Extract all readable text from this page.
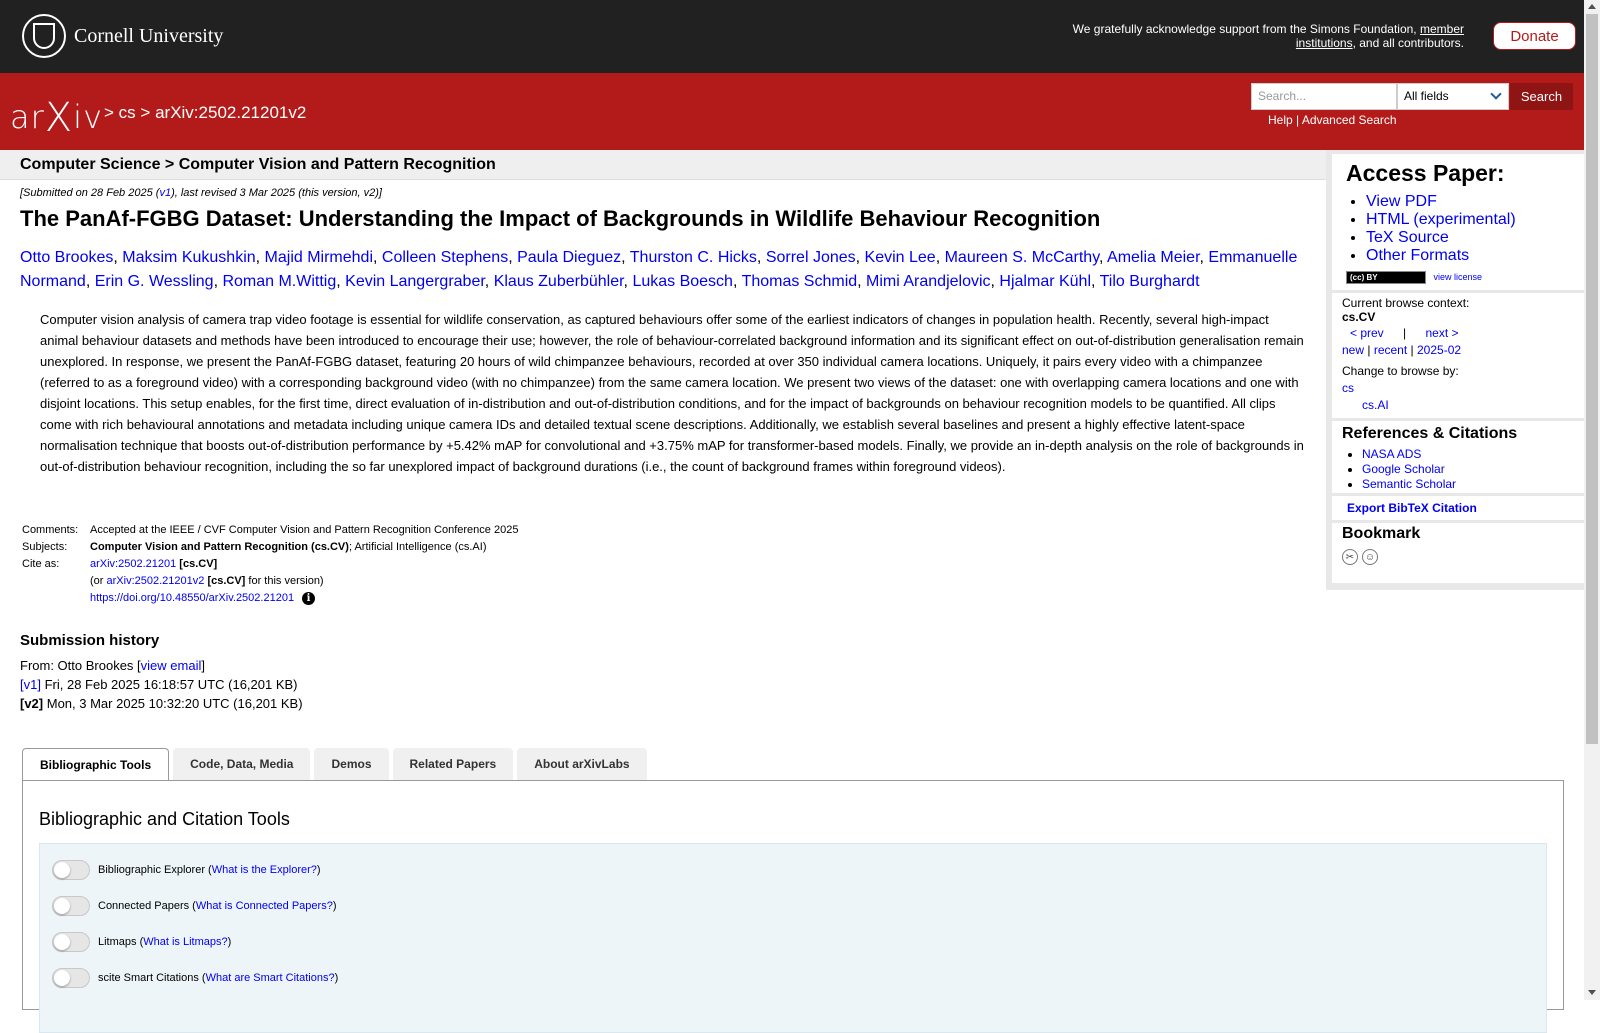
Cornell University	We gratefully acknowledge support from the Simons Foundation, member institutions, and all contributors.	Donate
arXiv > cs > arXiv:2502.21201v2
Search...	All fields	Search
Help | Advanced Search
Computer Science > Computer Vision and Pattern Recognition
[Submitted on 28 Feb 2025 (v1), last revised 3 Mar 2025 (this version, v2)]
The PanAf-FGBG Dataset: Understanding the Impact of Backgrounds in Wildlife Behaviour Recognition
Otto Brookes, Maksim Kukushkin, Majid Mirmehdi, Colleen Stephens, Paula Dieguez, Thurston C. Hicks, Sorrel Jones, Kevin Lee, Maureen S. McCarthy, Amelia Meier, Emmanuelle Normand, Erin G. Wessling, Roman M.Wittig, Kevin Langergraber, Klaus Zuberbühler, Lukas Boesch, Thomas Schmid, Mimi Arandjelovic, Hjalmar Kühl, Tilo Burghardt
Computer vision analysis of camera trap video footage is essential for wildlife conservation, as captured behaviours offer some of the earliest indicators of changes in population health. Recently, several high-impact animal behaviour datasets and methods have been introduced to encourage their use; however, the role of behaviour-correlated background information and its significant effect on out-of-distribution generalisation remain unexplored. In response, we present the PanAf-FGBG dataset, featuring 20 hours of wild chimpanzee behaviours, recorded at over 350 individual camera locations. Uniquely, it pairs every video with a chimpanzee (referred to as a foreground video) with a corresponding background video (with no chimpanzee) from the same camera location. We present two views of the dataset: one with overlapping camera locations and one with disjoint locations. This setup enables, for the first time, direct evaluation of in-distribution and out-of-distribution conditions, and for the impact of backgrounds on behaviour recognition models to be quantified. All clips come with rich behavioural annotations and metadata including unique camera IDs and detailed textual scene descriptions. Additionally, we establish several baselines and present a highly effective latent-space normalisation technique that boosts out-of-distribution performance by +5.42% mAP for convolutional and +3.75% mAP for transformer-based models. Finally, we provide an in-depth analysis on the role of backgrounds in out-of-distribution behaviour recognition, including the so far unexplored impact of background durations (i.e., the count of background frames within foreground videos).
Comments:	Accepted at the IEEE / CVF Computer Vision and Pattern Recognition Conference 2025
Subjects:	Computer Vision and Pattern Recognition (cs.CV); Artificial Intelligence (cs.AI)
Cite as:	arXiv:2502.21201 [cs.CV]
	(or arXiv:2502.21201v2 [cs.CV] for this version)
	https://doi.org/10.48550/arXiv.2502.21201 i
Submission history
From: Otto Brookes [view email]
[v1] Fri, 28 Feb 2025 16:18:57 UTC (16,201 KB)
[v2] Mon, 3 Mar 2025 10:32:20 UTC (16,201 KB)
Bibliographic Tools	Code, Data, Media	Demos	Related Papers	About arXivLabs
Bibliographic and Citation Tools
Bibliographic Explorer ( What is the Explorer? )
Connected Papers ( What is Connected Papers? )
Litmaps ( What is Litmaps? )
scite Smart Citations ( What are Smart Citations? )
Access Paper:
• View PDF
• HTML (experimental)
• TeX Source
• Other Formats
(cc) BY	view license
Current browse context:
cs.CV
< prev | next >
new | recent | 2025-02
Change to browse by:
cs
cs.AI
References & Citations
• NASA ADS
• Google Scholar
• Semantic Scholar
Export BibTeX Citation
Bookmark
✂	☺
